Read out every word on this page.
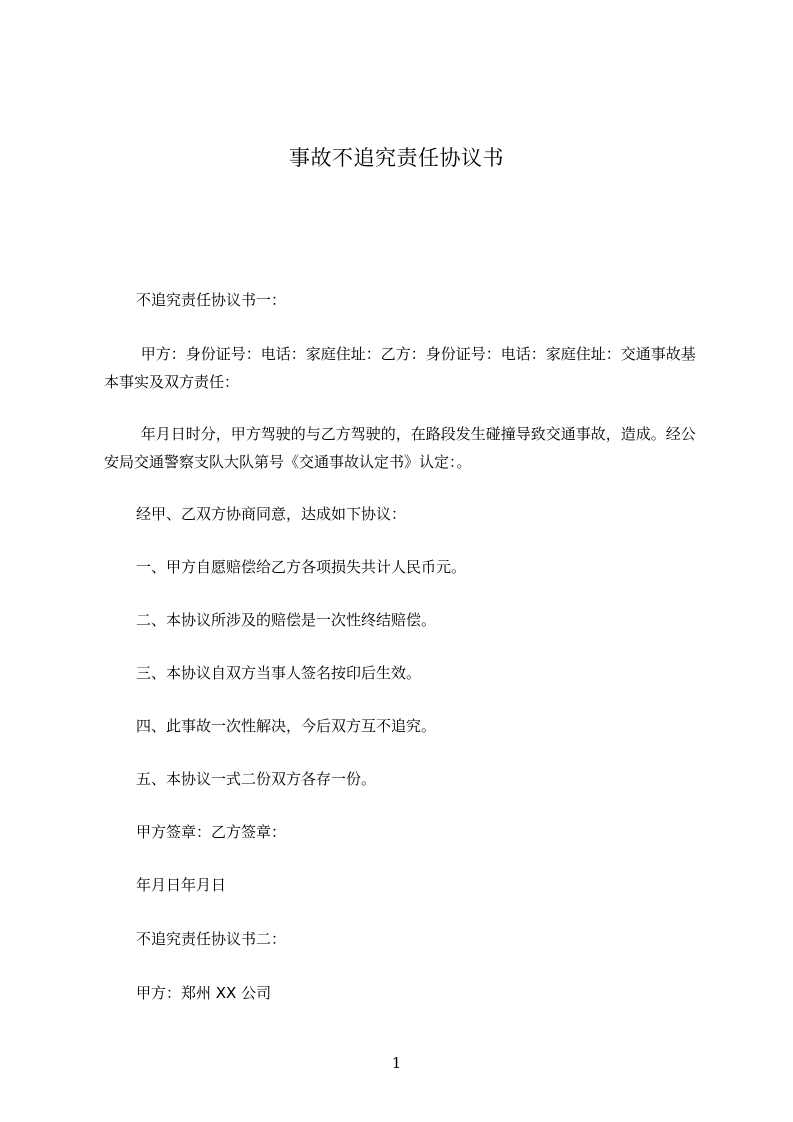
事故不追究责任协议书
不追究责任协议书一：
甲方：身份证号：电话：家庭住址：乙方：身份证号：电话：家庭住址：交通事故基本事实及双方责任：
年月日时分，甲方驾驶的与乙方驾驶的，在路段发生碰撞导致交通事故，造成。经公安局交通警察支队大队第号《交通事故认定书》认定：。
经甲、乙双方协商同意，达成如下协议：
一、甲方自愿赔偿给乙方各项损失共计人民币元。
二、本协议所涉及的赔偿是一次性终结赔偿。
三、本协议自双方当事人签名按印后生效。
四、此事故一次性解决，今后双方互不追究。
五、本协议一式二份双方各存一份。
甲方签章：乙方签章：
年月日年月日
不追究责任协议书二：
甲方：郑州 XX 公司
1
